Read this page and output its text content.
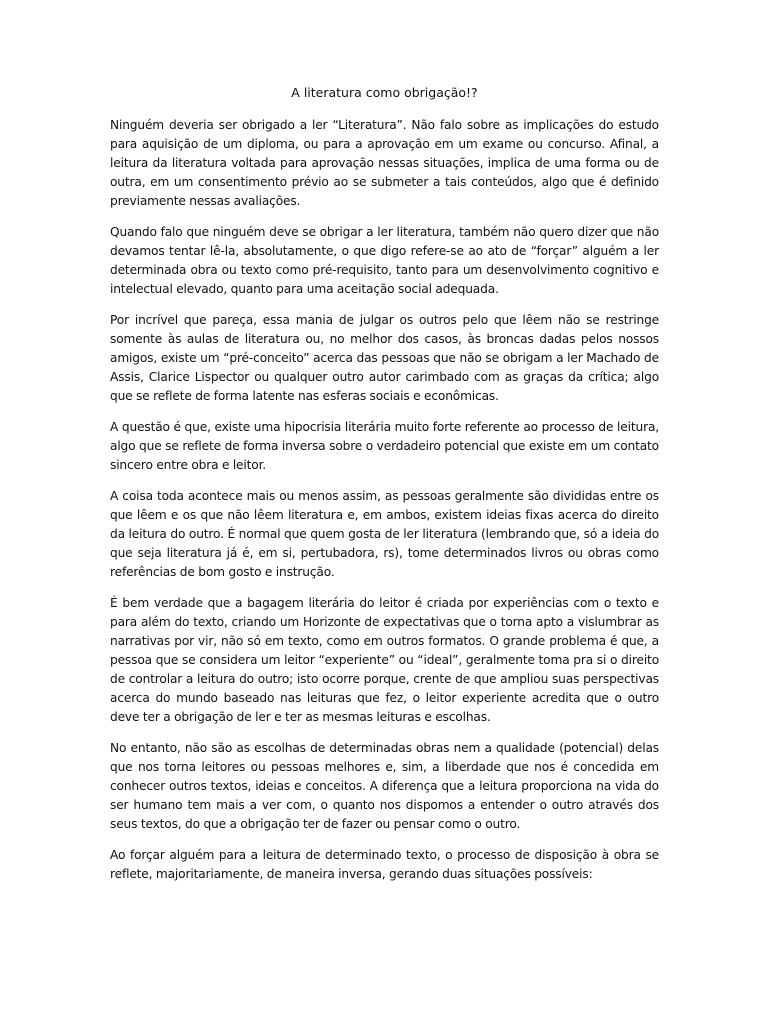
A literatura como obrigação!?

Ninguém deveria ser obrigado a ler “Literatura”. Não falo sobre as implicações do estudo para aquisição de um diploma, ou para a aprovação em um exame ou concurso. Afinal, a leitura da literatura voltada para aprovação nessas situações, implica de uma forma ou de outra, em um consentimento prévio ao se submeter a tais conteúdos, algo que é definido previamente nessas avaliações.

Quando falo que ninguém deve se obrigar a ler literatura, também não quero dizer que não devamos tentar lê-la, absolutamente, o que digo refere-se ao ato de “forçar” alguém a ler determinada obra ou texto como pré-requisito, tanto para um desenvolvimento cognitivo e intelectual elevado, quanto para uma aceitação social adequada.

Por incrível que pareça, essa mania de julgar os outros pelo que lêem não se restringe somente às aulas de literatura ou, no melhor dos casos, às broncas dadas pelos nossos amigos, existe um “pré-conceito” acerca das pessoas que não se obrigam a ler Machado de Assis, Clarice Lispector ou qualquer outro autor carimbado com as graças da crítica; algo que se reflete de forma latente nas esferas sociais e econômicas.

A questão é que, existe uma hipocrisia literária muito forte referente ao processo de leitura, algo que se reflete de forma inversa sobre o verdadeiro potencial que existe em um contato sincero entre obra e leitor.

A coisa toda acontece mais ou menos assim, as pessoas geralmente são divididas entre os que lêem e os que não lêem literatura e, em ambos, existem ideias fixas acerca do direito da leitura do outro. É normal que quem gosta de ler literatura (lembrando que, só a ideia do que seja literatura já é, em si, pertubadora, rs), tome determinados livros ou obras como referências de bom gosto e instrução.

É bem verdade que a bagagem literária do leitor é criada por experiências com o texto e para além do texto, criando um Horizonte de expectativas que o torna apto a vislumbrar as narrativas por vir, não só em texto, como em outros formatos. O grande problema é que, a pessoa que se considera um leitor “experiente” ou “ideal”, geralmente toma pra si o direito de controlar a leitura do outro; isto ocorre porque, crente de que ampliou suas perspectivas acerca do mundo baseado nas leituras que fez, o leitor experiente acredita que o outro deve ter a obrigação de ler e ter as mesmas leituras e escolhas.

No entanto, não são as escolhas de determinadas obras nem a qualidade (potencial) delas que nos torna leitores ou pessoas melhores e, sim, a liberdade que nos é concedida em conhecer outros textos, ideias e conceitos. A diferença que a leitura proporciona na vida do ser humano tem mais a ver com, o quanto nos dispomos a entender o outro através dos seus textos, do que a obrigação ter de fazer ou pensar como o outro.

Ao forçar alguém para a leitura de determinado texto, o processo de disposição à obra se reflete, majoritariamente, de maneira inversa, gerando duas situações possíveis:
